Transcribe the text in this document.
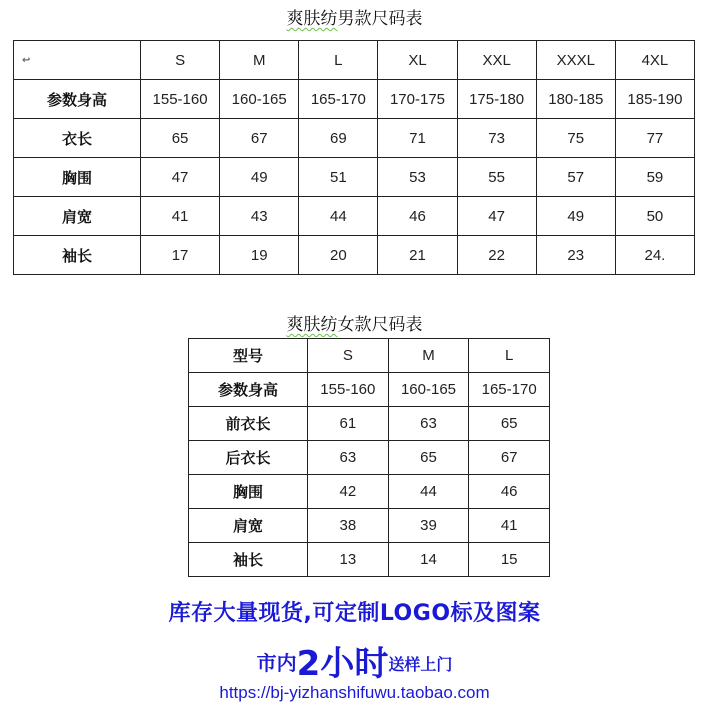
爽肤纺男款尺码表
↩	S	M	L	XL	XXL	XXXL	4XL
参数身高	155-160	160-165	165-170	170-175	175-180	180-185	185-190
衣长	65	67	69	71	73	75	77
胸围	47	49	51	53	55	57	59
肩宽	41	43	44	46	47	49	50
袖长	17	19	20	21	22	23	24.
爽肤纺女款尺码表
型号	S	M	L
参数身高	155-160	160-165	165-170
前衣长	61	63	65
后衣长	63	65	67
胸围	42	44	46
肩宽	38	39	41
袖长	13	14	15
库存大量现货,可定制LOGO标及图案
市内2小时送样上门
https://bj-yizhanshifuwu.taobao.com
